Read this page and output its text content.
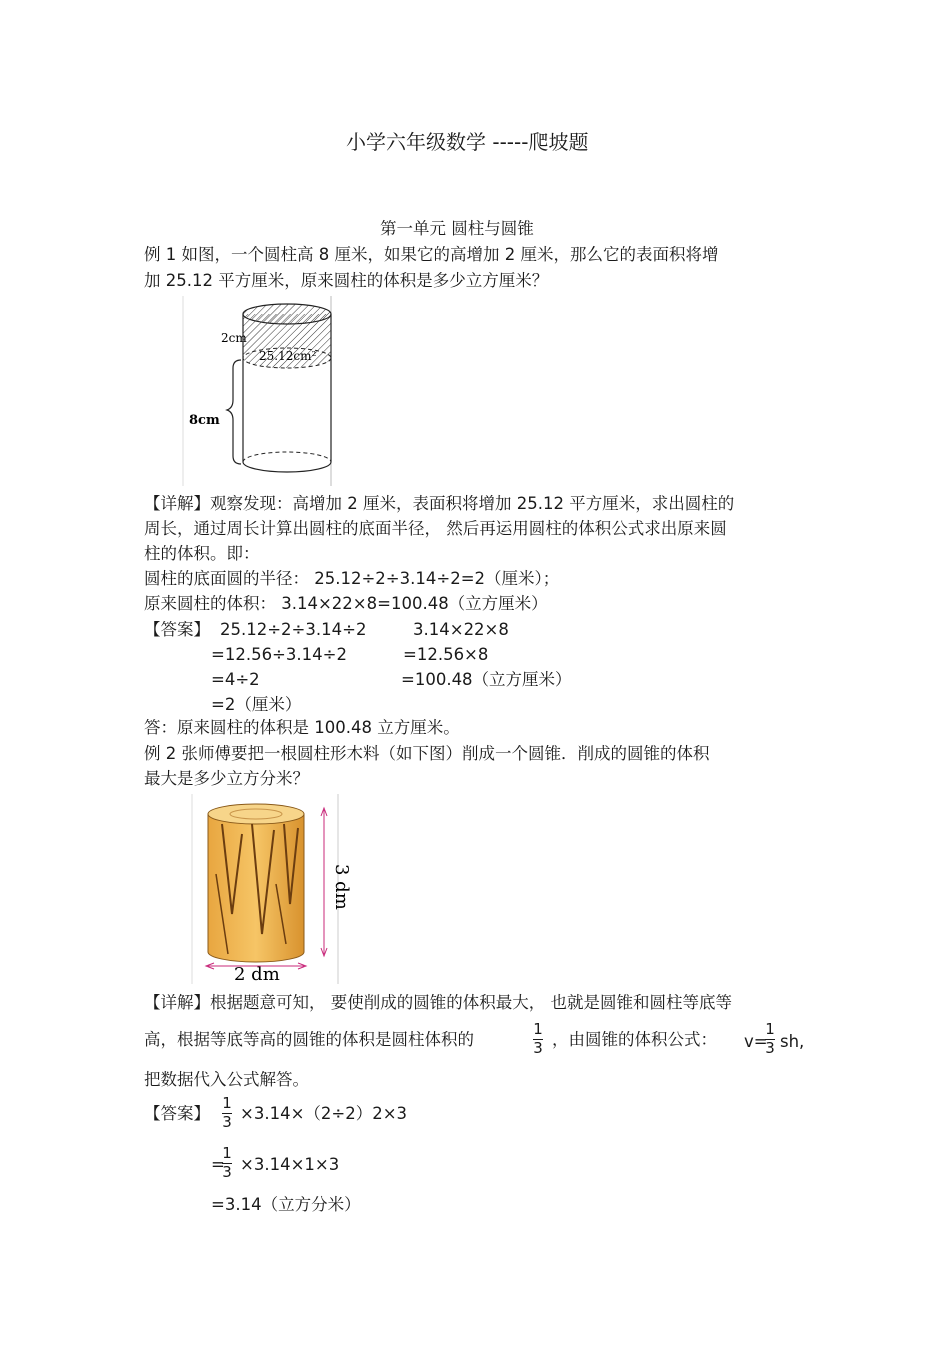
小学六年级数学 -----爬坡题
第一单元 圆柱与圆锥
例 1 如图，一个圆柱高 8 厘米，如果它的高增加 2 厘米，那么它的表面积将增
加 25.12 平方厘米，原来圆柱的体积是多少立方厘米？
2cm
25.12cm²
8cm
【详解】观察发现：高增加 2 厘米，表面积将增加 25.12 平方厘米，求出圆柱的
周长，通过周长计算出圆柱的底面半径， 然后再运用圆柱的体积公式求出原来圆
柱的体积。即：
圆柱的底面圆的半径： 25.12÷2÷3.14÷2=2（厘米）；
原来圆柱的体积： 3.14×22×8=100.48（立方厘米）
【答案】 25.12÷2÷3.14÷2
=12.56÷3.14÷2
=4÷2
=2（厘米）
3.14×22×8
=12.56×8
=100.48（立方厘米）
答：原来圆柱的体积是 100.48 立方厘米。
例 2 张师傅要把一根圆柱形木料（如下图）削成一个圆锥．削成的圆锥的体积
最大是多少立方分米？
3 dm
2 dm
【详解】根据题意可知， 要使削成的圆锥的体积最大， 也就是圆锥和圆柱等底等
高，根据等底等高的圆锥的体积是圆柱体积的
1
3 ，由圆锥的体积公式： v=
1
3 sh,
把数据代入公式解答。
【答案】
1
3 ×3.14×（2÷2）2×3
=
1
3 ×3.14×1×3
=3.14（立方分米）
